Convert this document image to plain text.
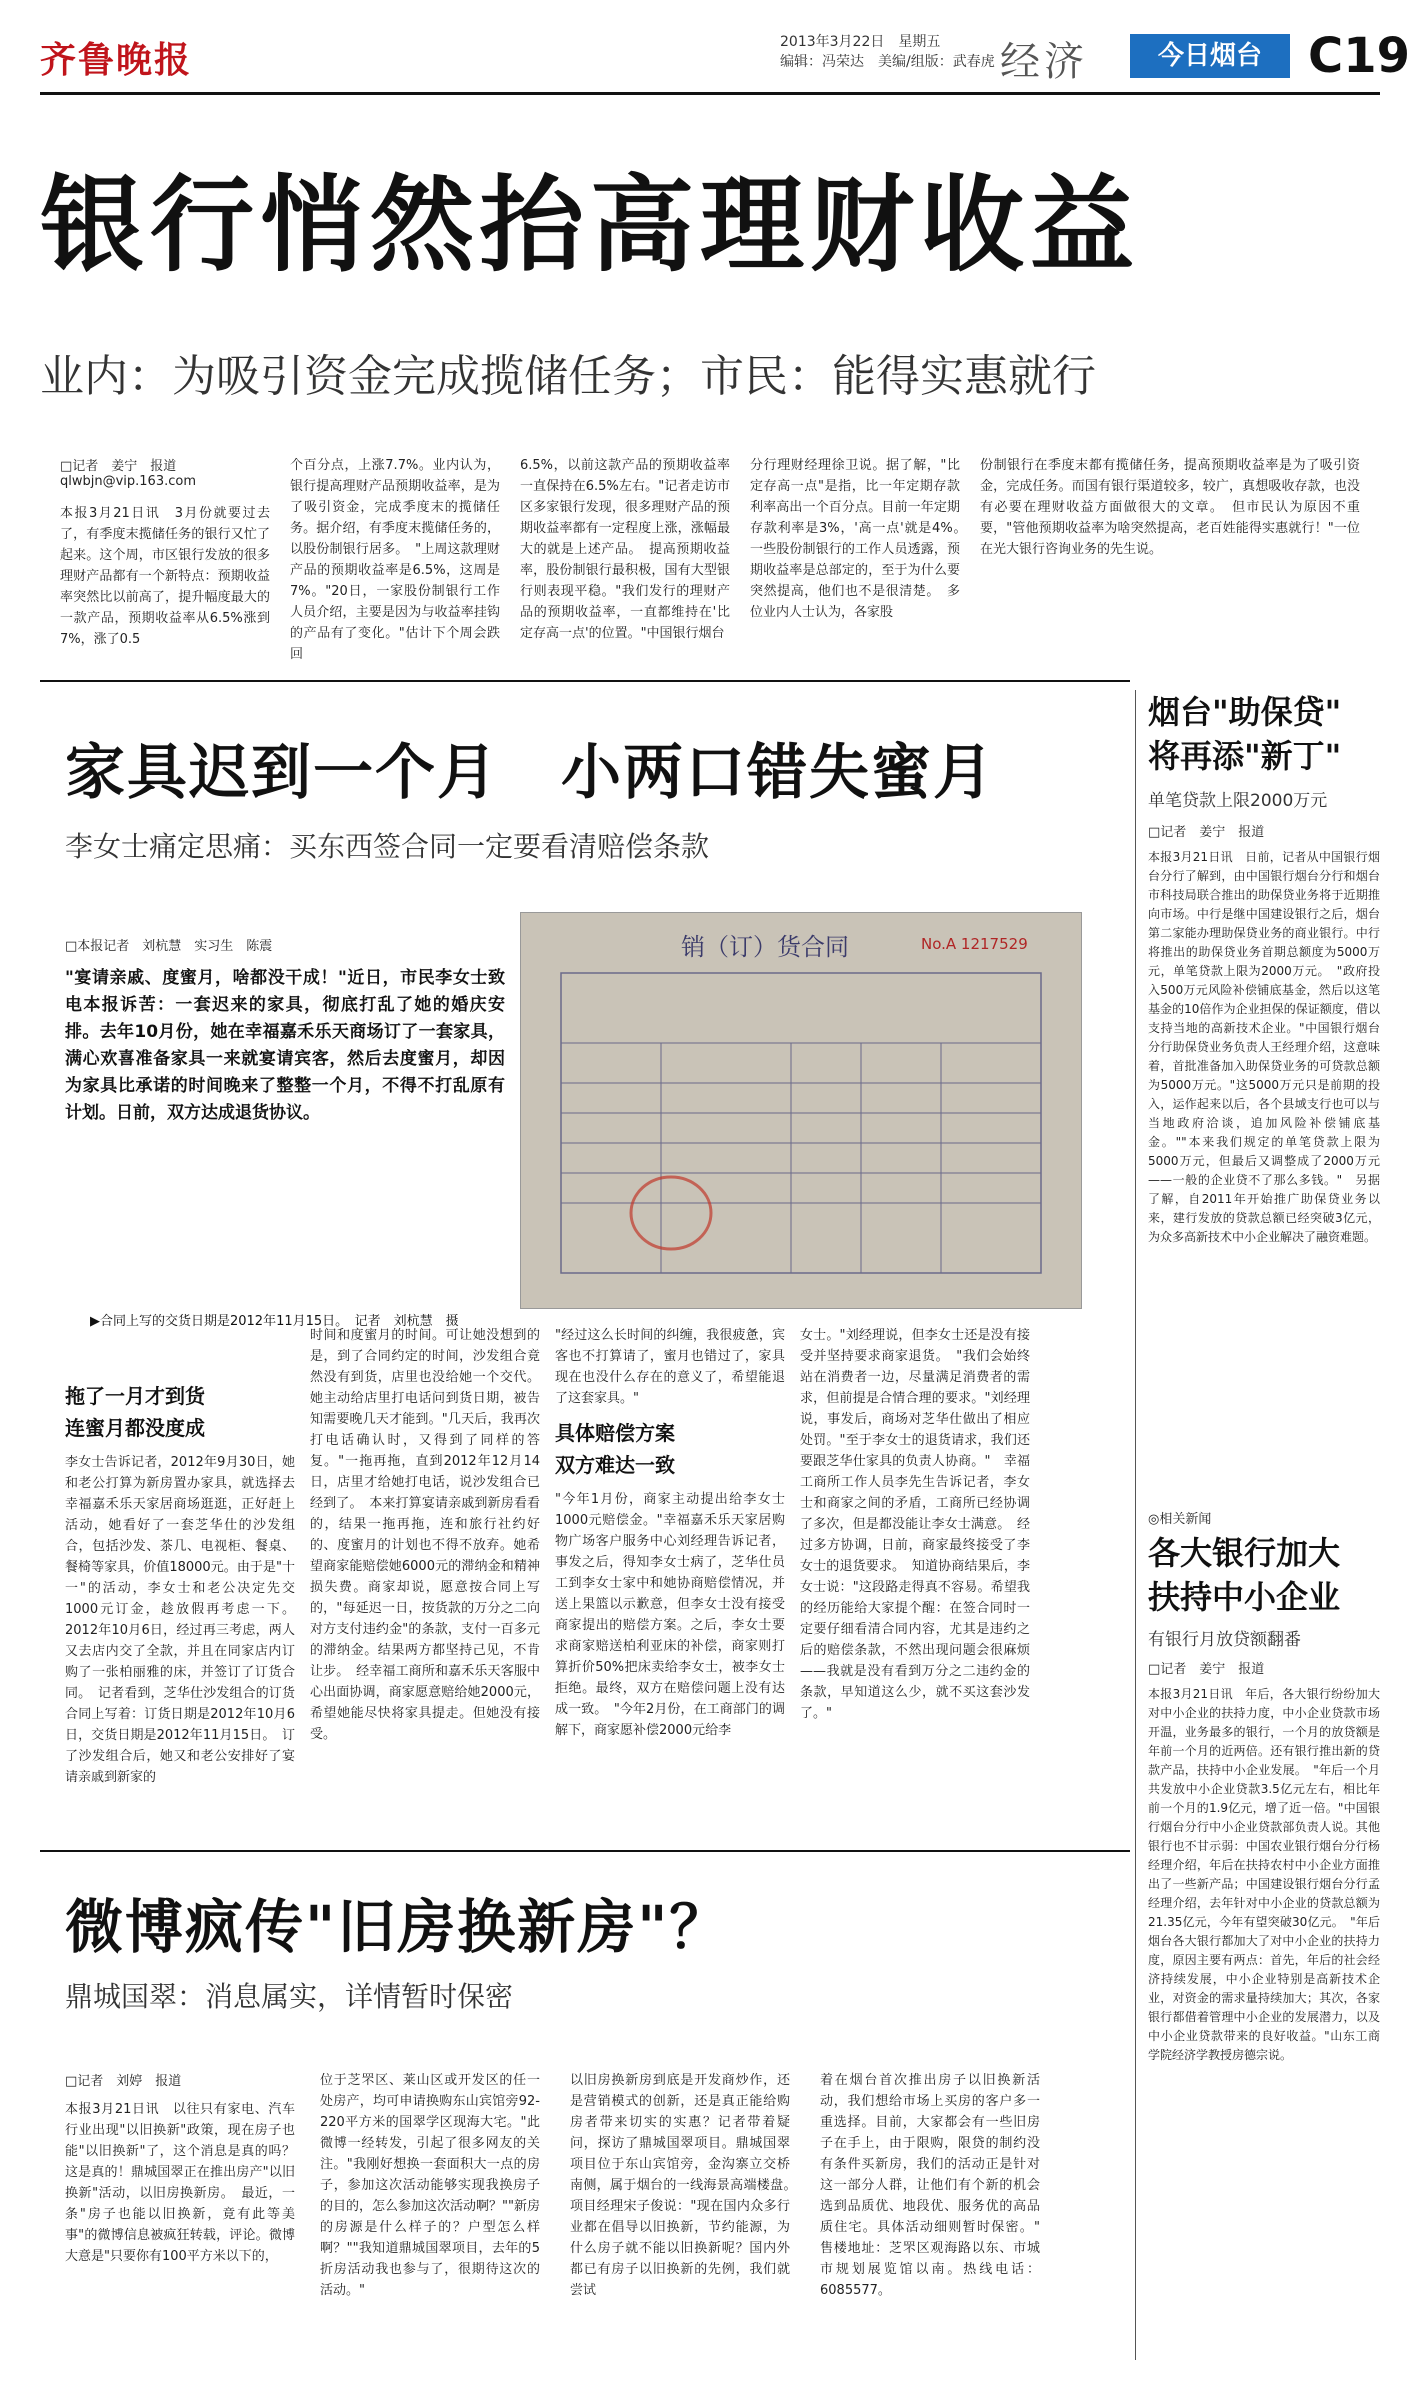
齐鲁晚报	2013年3月22日　星期五
编辑：冯荣达　美编/组版：武春虎 经济	今日烟台 C19
银行悄然抬高理财收益
业内：为吸引资金完成揽储任务；市民：能得实惠就行
□记者　姜宁　报道
qlwbjn@vip.163.com
本报3月21日讯　3月份就要过去了，有季度末揽储任务的银行又忙了起来。这个周，市区银行发放的很多理财产品都有一个新特点：预期收益率突然比以前高了，提升幅度最大的一款产品，预期收益率从6.5%涨到7%，涨了0.5
个百分点，上涨7.7%。业内认为，银行提高理财产品预期收益率，是为了吸引资金，完成季度末的揽储任务。据介绍，有季度末揽储任务的，以股份制银行居多。　"上周这款理财产品的预期收益率是6.5%，这周是7%。"20日，一家股份制银行工作人员介绍，主要是因为与收益率挂钩的产品有了变化。"估计下个周会跌回
6.5%，以前这款产品的预期收益率一直保持在6.5%左右。"记者走访市区多家银行发现，很多理财产品的预期收益率都有一定程度上涨，涨幅最大的就是上述产品。　提高预期收益率，股份制银行最积极，国有大型银行则表现平稳。"我们发行的理财产品的预期收益率，一直都维持在'比定存高一点'的位置。"中国银行烟台
分行理财经理徐卫说。据了解，"比定存高一点"是指，比一年定期存款利率高出一个百分点。目前一年定期存款利率是3%，'高一点'就是4%。　一些股份制银行的工作人员透露，预期收益率是总部定的，至于为什么要突然提高，他们也不是很清楚。　多位业内人士认为，各家股
份制银行在季度末都有揽储任务，提高预期收益率是为了吸引资金，完成任务。而国有银行渠道较多，较广，真想吸收存款，也没有必要在理财收益方面做很大的文章。　但市民认为原因不重要，"管他预期收益率为啥突然提高，老百姓能得实惠就行！"一位在光大银行咨询业务的先生说。
家具迟到一个月　小两口错失蜜月
李女士痛定思痛：买东西签合同一定要看清赔偿条款
□本报记者　刘杭慧　实习生　陈震
"宴请亲戚、度蜜月，啥都没干成！"近日，市民李女士致电本报诉苦：一套迟来的家具，彻底打乱了她的婚庆安排。去年10月份，她在幸福嘉禾乐天商场订了一套家具，满心欢喜准备家具一来就宴请宾客，然后去度蜜月，却因为家具比承诺的时间晚来了整整一个月，不得不打乱原有计划。日前，双方达成退货协议。
销（订）货合同	No.A 1217529
▶合同上写的交货日期是2012年11月15日。　记者　刘杭慧　摄
拖了一月才到货
连蜜月都没度成
李女士告诉记者，2012年9月30日，她和老公打算为新房置办家具，就选择去幸福嘉禾乐天家居商场逛逛，正好赶上活动，她看好了一套芝华仕的沙发组合，包括沙发、茶几、电视柜、餐桌、餐椅等家具，价值18000元。由于是"十一"的活动，李女士和老公决定先交1000元订金，趁放假再考虑一下。2012年10月6日，经过再三考虑，两人又去店内交了全款，并且在同家店内订购了一张柏丽雅的床，并签订了订货合同。　记者看到，芝华仕沙发组合的订货合同上写着：订货日期是2012年10月6日，交货日期是2012年11月15日。　订了沙发组合后，她又和老公安排好了宴请亲戚到新家的
时间和度蜜月的时间。可让她没想到的是，到了合同约定的时间，沙发组合竟然没有到货，店里也没给她一个交代。她主动给店里打电话问到货日期，被告知需要晚几天才能到。"几天后，我再次打电话确认时，又得到了同样的答复。"一拖再拖，直到2012年12月14日，店里才给她打电话，说沙发组合已经到了。　本来打算宴请亲戚到新房看看的，结果一拖再拖，连和旅行社约好的、度蜜月的计划也不得不放弃。她希望商家能赔偿她6000元的滞纳金和精神损失费。商家却说，愿意按合同上写的，"每延迟一日，按货款的万分之二向对方支付违约金"的条款，支付一百多元的滞纳金。结果两方都坚持己见，不肯让步。　经幸福工商所和嘉禾乐天客服中心出面协调，商家愿意赔给她2000元，希望她能尽快将家具提走。但她没有接受。
"经过这么长时间的纠缠，我很疲惫，宾客也不打算请了，蜜月也错过了，家具现在也没什么存在的意义了，希望能退了这套家具。"
具体赔偿方案
双方难达一致
"今年1月份，商家主动提出给李女士1000元赔偿金。"幸福嘉禾乐天家居购物广场客户服务中心刘经理告诉记者，事发之后，得知李女士病了，芝华仕员工到李女士家中和她协商赔偿情况，并送上果篮以示歉意，但李女士没有接受商家提出的赔偿方案。之后，李女士要求商家赔送柏利亚床的补偿，商家则打算折价50%把床卖给李女士，被李女士拒绝。最终，双方在赔偿问题上没有达成一致。　"今年2月份，在工商部门的调解下，商家愿补偿2000元给李
女士。"刘经理说，但李女士还是没有接受并坚持要求商家退货。　"我们会始终站在消费者一边，尽量满足消费者的需求，但前提是合情合理的要求。"刘经理说，事发后，商场对芝华仕做出了相应处罚。"至于李女士的退货请求，我们还要跟芝华仕家具的负责人协商。"　幸福工商所工作人员李先生告诉记者，李女士和商家之间的矛盾，工商所已经协调了多次，但是都没能让李女士满意。　经过多方协调，日前，商家最终接受了李女士的退货要求。　知道协商结果后，李女士说："这段路走得真不容易。希望我的经历能给大家提个醒：在签合同时一定要仔细看清合同内容，尤其是违约之后的赔偿条款，不然出现问题会很麻烦——我就是没有看到万分之二违约金的条款，早知道这么少，就不买这套沙发了。"
烟台"助保贷"
将再添"新丁"
单笔贷款上限2000万元
□记者　姜宁　报道
本报3月21日讯　日前，记者从中国银行烟台分行了解到，由中国银行烟台分行和烟台市科技局联合推出的助保贷业务将于近期推向市场。中行是继中国建设银行之后，烟台第二家能办理助保贷业务的商业银行。中行将推出的助保贷业务首期总额度为5000万元，单笔贷款上限为2000万元。　"政府投入500万元风险补偿铺底基金，然后以这笔基金的10倍作为企业担保的保证额度，借以支持当地的高新技术企业。"中国银行烟台分行助保贷业务负责人王经理介绍，这意味着，首批准备加入助保贷业务的可贷款总额为5000万元。"这5000万元只是前期的投入，运作起来以后，各个县域支行也可以与当地政府洽谈，追加风险补偿铺底基金。""本来我们规定的单笔贷款上限为5000万元，但最后又调整成了2000万元——一般的企业贷不了那么多钱。"　另据了解，自2011年开始推广助保贷业务以来，建行发放的贷款总额已经突破3亿元，为众多高新技术中小企业解决了融资难题。
◎相关新闻
各大银行加大
扶持中小企业
有银行月放贷额翻番
□记者　姜宁　报道
本报3月21日讯　年后，各大银行纷纷加大对中小企业的扶持力度，中小企业贷款市场开温，业务最多的银行，一个月的放贷额是年前一个月的近两倍。还有银行推出新的贷款产品，扶持中小企业发展。　"年后一个月共发放中小企业贷款3.5亿元左右，相比年前一个月的1.9亿元，增了近一倍。"中国银行烟台分行中小企业贷款部负责人说。其他银行也不甘示弱：中国农业银行烟台分行杨经理介绍，年后在扶持农村中小企业方面推出了一些新产品；中国建设银行烟台分行孟经理介绍，去年针对中小企业的贷款总额为21.35亿元，今年有望突破30亿元。　"年后烟台各大银行都加大了对中小企业的扶持力度，原因主要有两点：首先，年后的社会经济持续发展，中小企业特别是高新技术企业，对资金的需求量持续加大；其次，各家银行都借着管理中小企业的发展潜力，以及中小企业贷款带来的良好收益。"山东工商学院经济学教授房德宗说。
微博疯传"旧房换新房"？
鼎城国翠：消息属实，详情暂时保密
□记者　刘婷　报道
本报3月21日讯　以往只有家电、汽车行业出现"以旧换新"政策，现在房子也能"以旧换新"了，这个消息是真的吗？这是真的！鼎城国翠正在推出房产"以旧换新"活动，以旧房换新房。　最近，一条"房子也能以旧换新，竟有此等美事"的微博信息被疯狂转载，评论。微博大意是"只要你有100平方米以下的，
位于芝罘区、莱山区或开发区的任一处房产，均可申请换购东山宾馆旁92-220平方米的国翠学区现海大宅。"此微博一经转发，引起了很多网友的关注。"我刚好想换一套面积大一点的房子，参加这次活动能够实现我换房子的目的，怎么参加这次活动啊？""新房的房源是什么样子的？户型怎么样啊？""我知道鼎城国翠项目，去年的5折房活动我也参与了，很期待这次的活动。"
以旧房换新房到底是开发商炒作，还是营销模式的创新，还是真正能给购房者带来切实的实惠？记者带着疑问，探访了鼎城国翠项目。鼎城国翠项目位于东山宾馆旁，金沟寨立交桥南侧，属于烟台的一线海景高端楼盘。　项目经理宋子俊说："现在国内众多行业都在倡导以旧换新，节约能源，为什么房子就不能以旧换新呢？国内外都已有房子以旧换新的先例，我们就尝试
着在烟台首次推出房子以旧换新活动，我们想给市场上买房的客户多一重选择。目前，大家都会有一些旧房子在手上，由于限购，限贷的制约没有条件买新房，我们的活动正是针对这一部分人群，让他们有个新的机会选到品质优、地段优、服务优的高品质住宅。具体活动细则暂时保密。"　售楼地址：芝罘区观海路以东、市城市规划展览馆以南。热线电话：6085577。
